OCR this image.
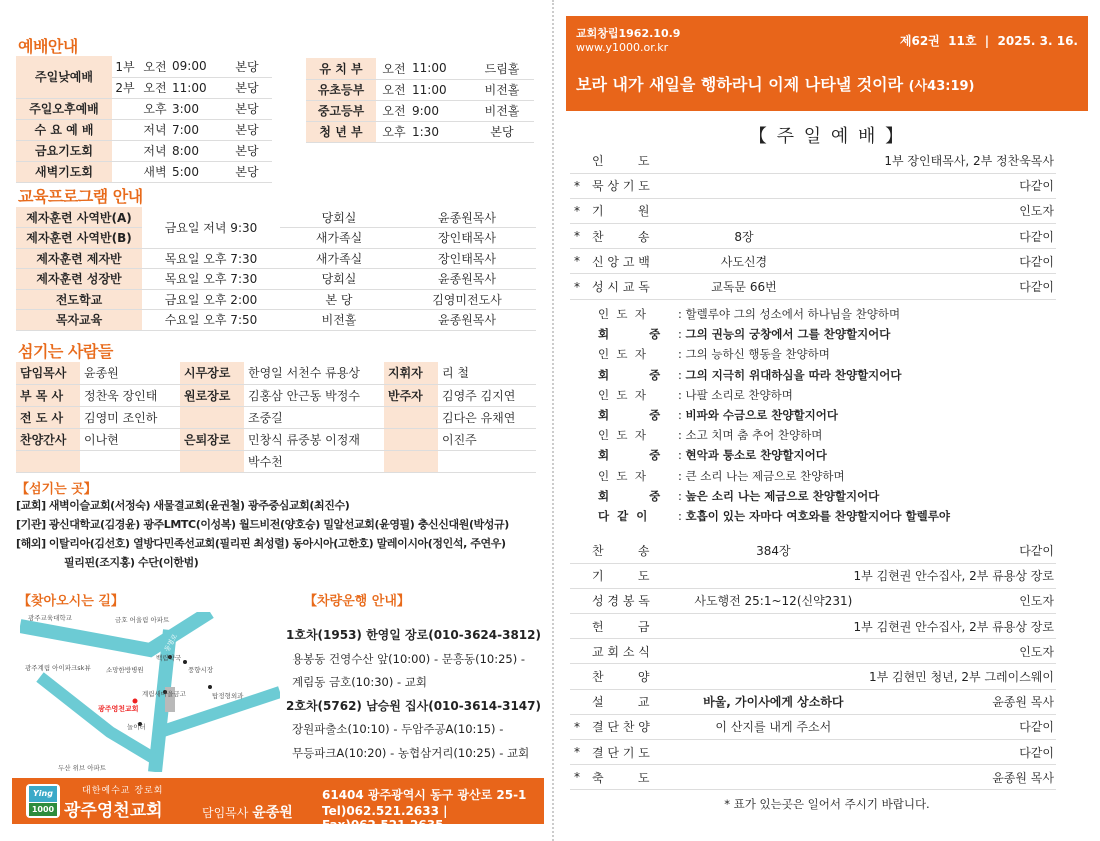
예배안내
주일낮예배	1부	오전	09:00	본당
	2부	오전	11:00	본당
주일오후예배		오후	3:00	본당
수 요 예 배		저녁	7:00	본당
금요기도회		저녁	8:00	본당
새벽기도회		새벽	5:00	본당
유 치 부	오전	11:00	드림홀
유초등부	오전	11:00	비전홀
중고등부	오전	9:00	비전홀
청 년 부	오후	1:30	본당
교육프로그램 안내
제자훈련 사역반(A)	금요일 저녁 9:30	당회실	윤종원목사
제자훈련 사역반(B)		새가족실	장인태목사
제자훈련 제자반	목요일 오후 7:30	새가족실	장인태목사
제자훈련 성장반	목요일 오후 7:30	당회실	윤종원목사
전도학교	금요일 오후 2:00	본 당	김영미전도사
목자교육	수요일 오후 7:50	비전홀	윤종원목사
섬기는 사람들
담임목사	윤종원	시무장로	한영일 서천수 류용상	지휘자	리 철
부 목 사	정찬욱 장인태	원로장로	김홍삼 안근동 박정수	반주자	김영주 김지연
전 도 사	김영미 조인하		조중길		김다은 유채연
찬양간사	이나현	은퇴장로	민창식 류중봉 이정재		이진주
			박수천		
【섬기는 곳】
[교회] 새벽이슬교회(서정숙) 새물결교회(윤권철) 광주중심교회(최진수)
[기관] 광신대학교(김경윤) 광주LMTC(이성복) 월드비전(양호승) 밀알선교회(윤영필) 충신신대원(박성규)
[해외] 이탈리아(김선호) 열방다민족선교회(필리핀 최성렬) 동아시아(고한호) 말레이시아(정인석, 주연우)
필리핀(조지홍) 수단(이한범)
【찾아오시는 길】
광주교육대학교	금호 어울림 아파트
백림약국
소망한방병원	풍향시장
광주계림 아이파크sk뷰
계림새마을금고	탑정형외과
광주영천교회
놀이터
두산 위브 아파트
동명로
두암지구입구
【차량운행 안내】
1호차(1953) 한영일 장로(010-3624-3812)
용봉동 건영수산 앞(10:00) - 문흥동(10:25) -
계림동 금호(10:30) - 교회
2호차(5762) 남승원 집사(010-3614-3147)
장원파출소(10:10) - 두암주공A(10:15) -
무등파크A(10:20) - 농협삼거리(10:25) - 교회
Ying
1000
대한예수교 장로회
광주영천교회	담임목사 윤종원
61404 광주광역시 동구 광산로 25-1
Tel)062.521.2633 | Fax)062.521.2635
교회창립1962.10.9
www.y1000.or.kr	제62권  11호  |  2025. 3. 16.
보라 내가 새일을 행하라니 이제 나타낼 것이라 (사43:19)
【 주 일 예 배 】
	인         도		1부 장인태목사, 2부 정찬욱목사
*	묵 상 기 도		다같이
*	기         원		인도자
*	찬         송	8장	다같이
*	신 앙 고 백	사도신경	다같이
*	성 시 교 독	교독문 66번	다같이
인  도  자	: 할렐루야 그의 성소에서 하나님을 찬양하며
회          중 : 그의 권능의 궁창에서 그를 찬양할지어다
인  도  자	: 그의 능하신 행동을 찬양하며
회          중 : 그의 지극히 위대하심을 따라 찬양할지어다
인  도  자	: 나팔 소리로 찬양하며
회          중 : 비파와 수금으로 찬양할지어다
인  도  자	: 소고 치며 춤 추어 찬양하며
회          중 : 현악과 퉁소로 찬양할지어다
인  도  자	: 큰 소리 나는 제금으로 찬양하며
회          중 : 높은 소리 나는 제금으로 찬양할지어다
다  같  이	: 호흡이 있는 자마다 여호와를 찬양할지어다 할렐루야
	찬         송	384장	다같이
	기         도		1부 김현권 안수집사, 2부 류용상 장로
	성 경 봉 독	사도행전 25:1~12(신약231)	인도자
	헌         금		1부 김현권 안수집사, 2부 류용상 장로
	교 회 소 식		인도자
	찬         양		1부 김현민 청년, 2부 그레이스웨이
	설         교	바울, 가이사에게 상소하다	윤종원 목사
*	결 단 찬 양	이 산지를 내게 주소서	다같이
*	결 단 기 도		다같이
*	축         도		윤종원 목사
* 표가 있는곳은 일어서 주시기 바랍니다.
